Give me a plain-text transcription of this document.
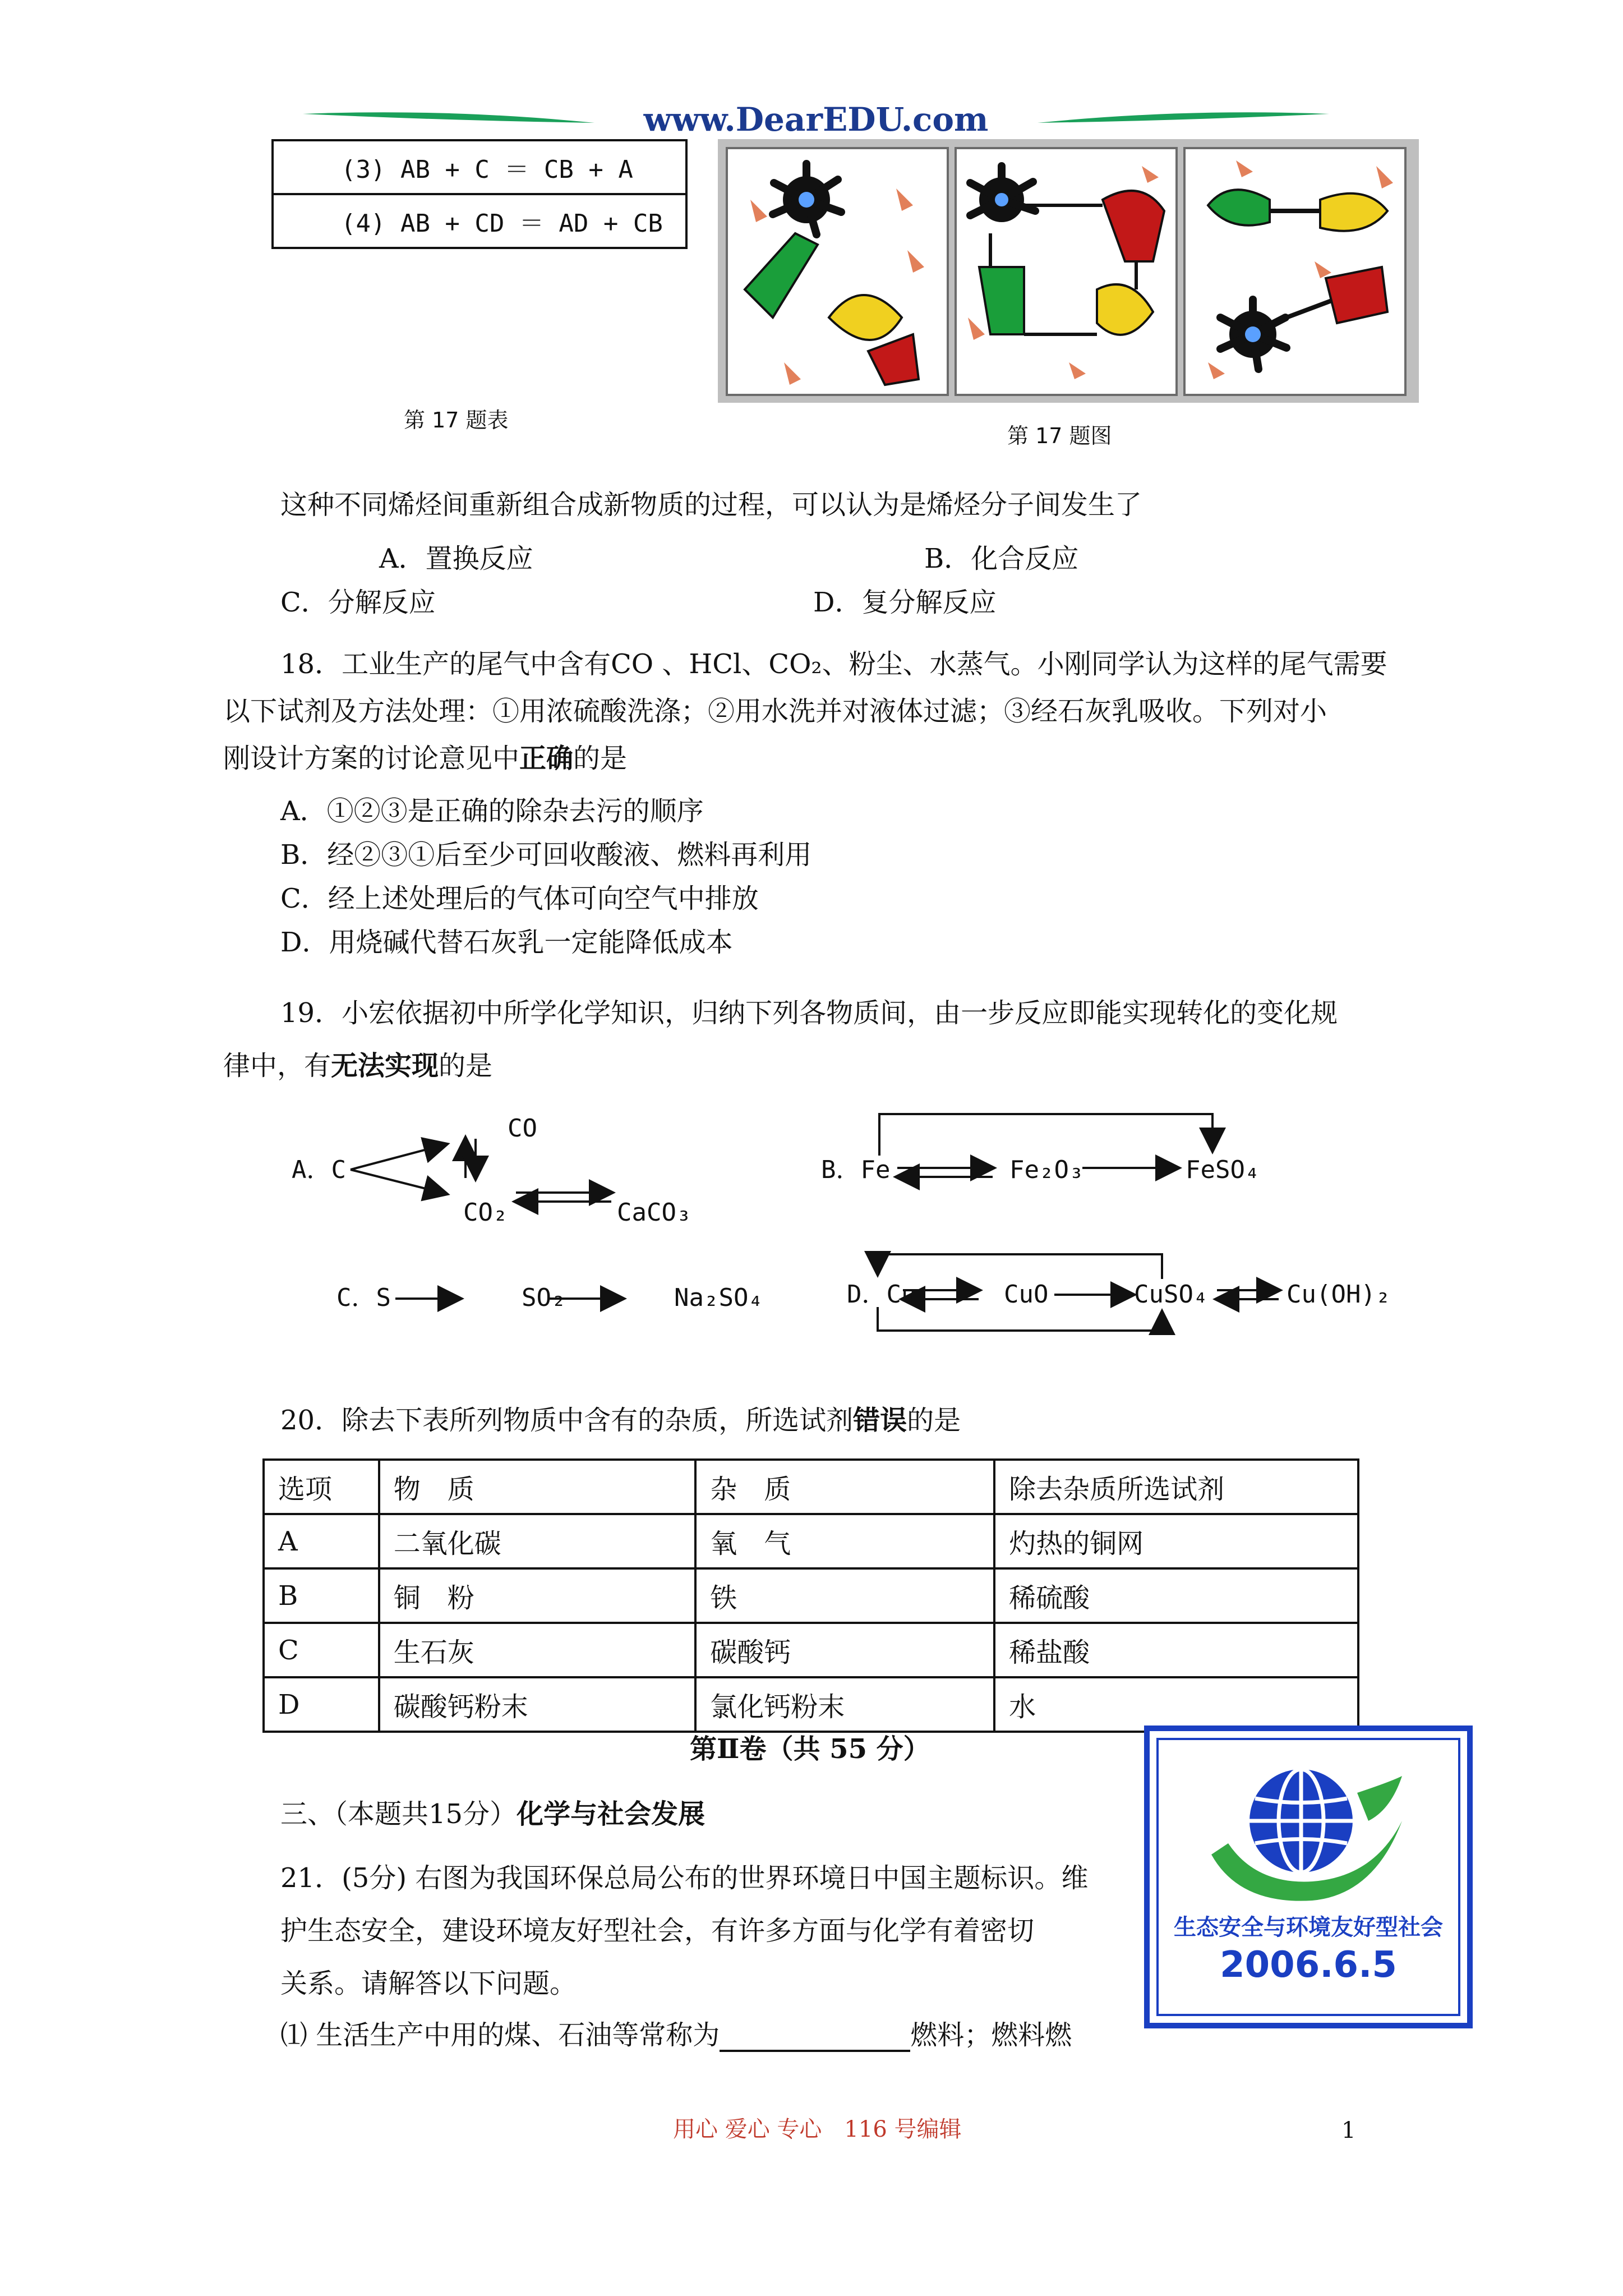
www.DearEDU.com
(3) AB + C ＝ CB + A
(4) AB + CD ＝ AD + CB
第 17 题表
第 17 题图
这种不同烯烃间重新组合成新物质的过程，可以认为是烯烃分子间发生了
A．置换反应	B．化合反应
C．分解反应	D．复分解反应
18．工业生产的尾气中含有CO 、HCl、CO₂、粉尘、水蒸气。小刚同学认为这样的尾气需要
以下试剂及方法处理：①用浓硫酸洗涤；②用水洗并对液体过滤；③经石灰乳吸收。下列对小
刚设计方案的讨论意见中正确的是
A．①②③是正确的除杂去污的顺序
B．经②③①后至少可回收酸液、燃料再利用
C．经上述处理后的气体可向空气中排放
D．用烧碱代替石灰乳一定能降低成本
19．小宏依据初中所学化学知识，归纳下列各物质间，由一步反应即能实现转化的变化规
律中，有无法实现的是
A．C
CO
CO₂	CaCO₃
B．Fe	Fe₂O₃	FeSO₄
C．S	SO₂	Na₂SO₄	D．Cu	CuO	CuSO₄	Cu(OH)₂
20．除去下表所列物质中含有的杂质，所选试剂错误的是
选项	物　质	杂　质	除去杂质所选试剂
A	二氧化碳	氧　气	灼热的铜网
B	铜　粉	铁	稀硫酸
C	生石灰	碳酸钙	稀盐酸
D	碳酸钙粉末	氯化钙粉末	水
第Ⅱ卷（共 55 分）
三、（本题共15分）化学与社会发展
21．(5分) 右图为我国环保总局公布的世界环境日中国主题标识。维
护生态安全，建设环境友好型社会，有许多方面与化学有着密切
关系。请解答以下问题。
⑴ 生活生产中用的煤、石油等常称为	燃料；燃料燃
生态安全与环境友好型社会
2006.6.5
用心 爱心 专心　116 号编辑	1
